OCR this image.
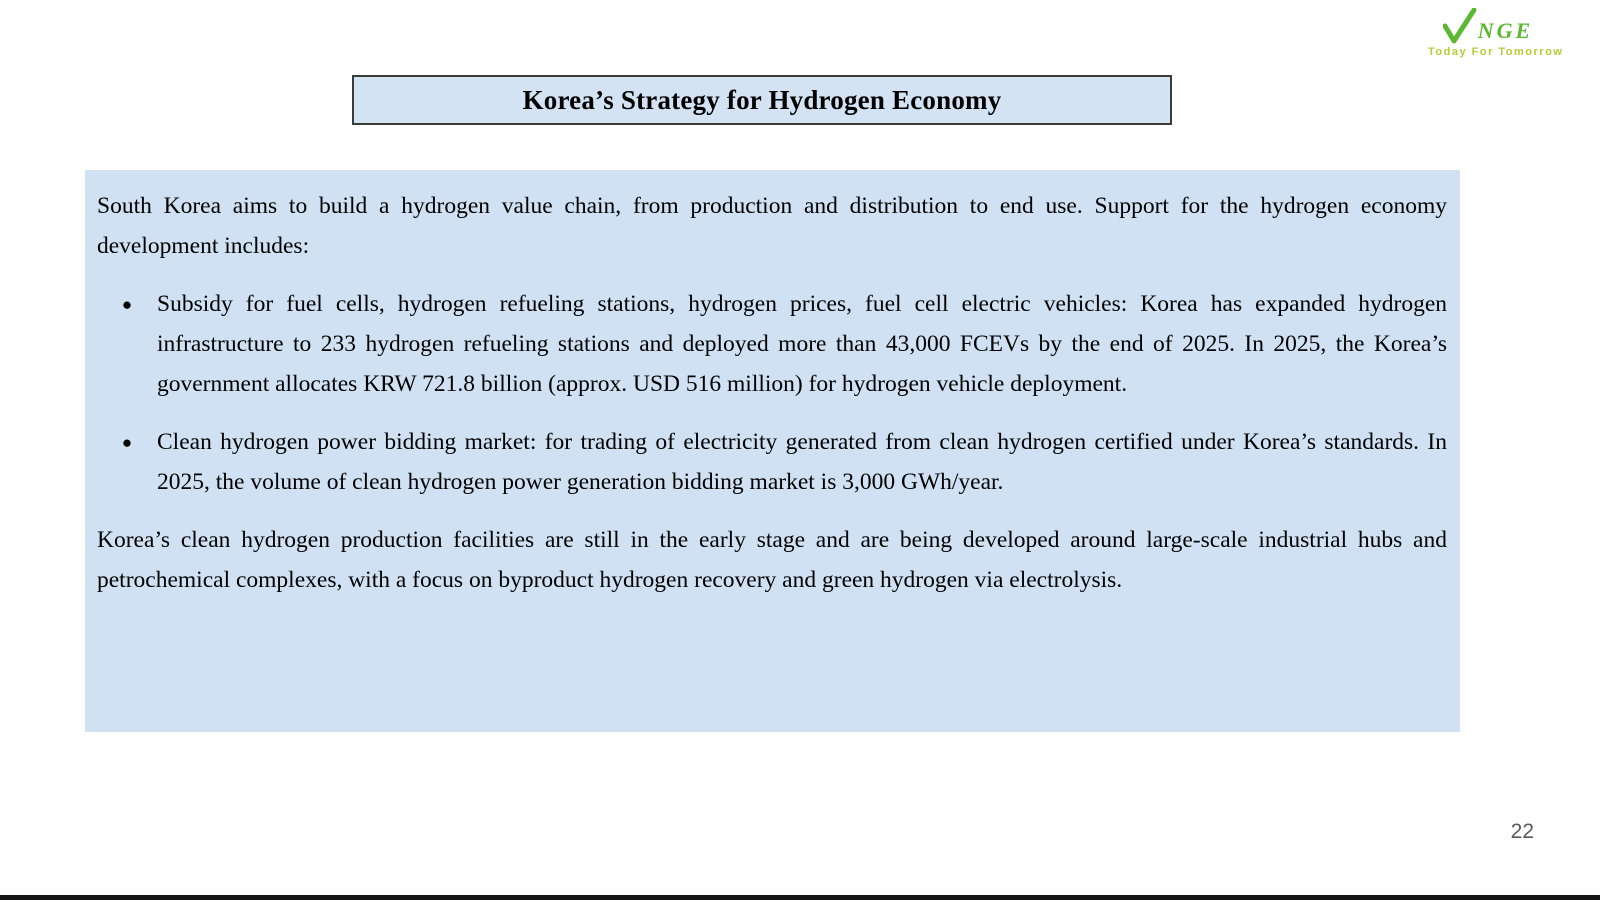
NGE
Today For Tomorrow
Korea’s Strategy for Hydrogen Economy

South Korea aims to build a hydrogen value chain, from production and distribution to end use. Support for the hydrogen economy development includes:

●	Subsidy for fuel cells, hydrogen refueling stations, hydrogen prices, fuel cell electric vehicles: Korea has expanded hydrogen infrastructure to 233 hydrogen refueling stations and deployed more than 43,000 FCEVs by the end of 2025. In 2025, the Korea’s government allocates KRW 721.8 billion (approx. USD 516 million) for hydrogen vehicle deployment.
●	Clean hydrogen power bidding market: for trading of electricity generated from clean hydrogen certified under Korea’s standards. In 2025, the volume of clean hydrogen power generation bidding market is 3,000 GWh/year.

Korea’s clean hydrogen production facilities are still in the early stage and are being developed around large-scale industrial hubs and petrochemical complexes, with a focus on byproduct hydrogen recovery and green hydrogen via electrolysis.

22
